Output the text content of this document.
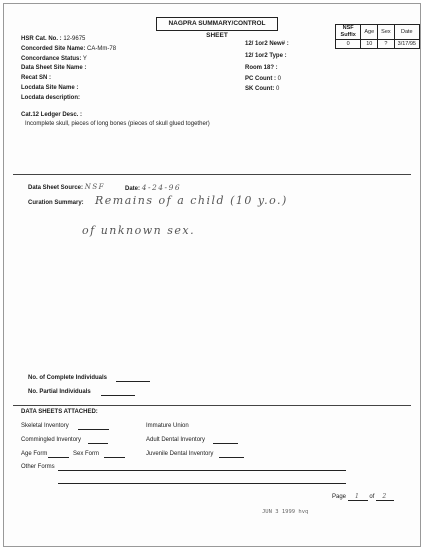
NAGPRA SUMMARY/CONTROL SHEET
NSF Suffix	Age	Sex	Date
0	10	?	3/17/95
HSR Cat. No. : 12-9675
Concorded Site Name: CA-Mm-78
Concordance Status: Y
Data Sheet Site Name :
Recat SN :
Locdata Site Name :
Locdata description:
12/ 1or2 New# :
12/ 1or2 Type :
Room 18? :
PC Count : 0
SK Count: 0
Cat.12 Ledger Desc. :
Incomplete skull, pieces of long bones (pieces of skull glued together)
Data Sheet Source: NSF	Date: 4-24-96
Curation Summary: Remains of a child (10 y.o.)
of unknown sex.
No. of Complete Individuals
No. Partial Individuals
DATA SHEETS ATTACHED:
Skeletal Inventory	Immature Union
Commingled Inventory	Adult Dental Inventory
Age Form	Sex Form	Juvenile Dental Inventory
Other Forms
Page 1 of 2
JUN 3 1999 hvq
